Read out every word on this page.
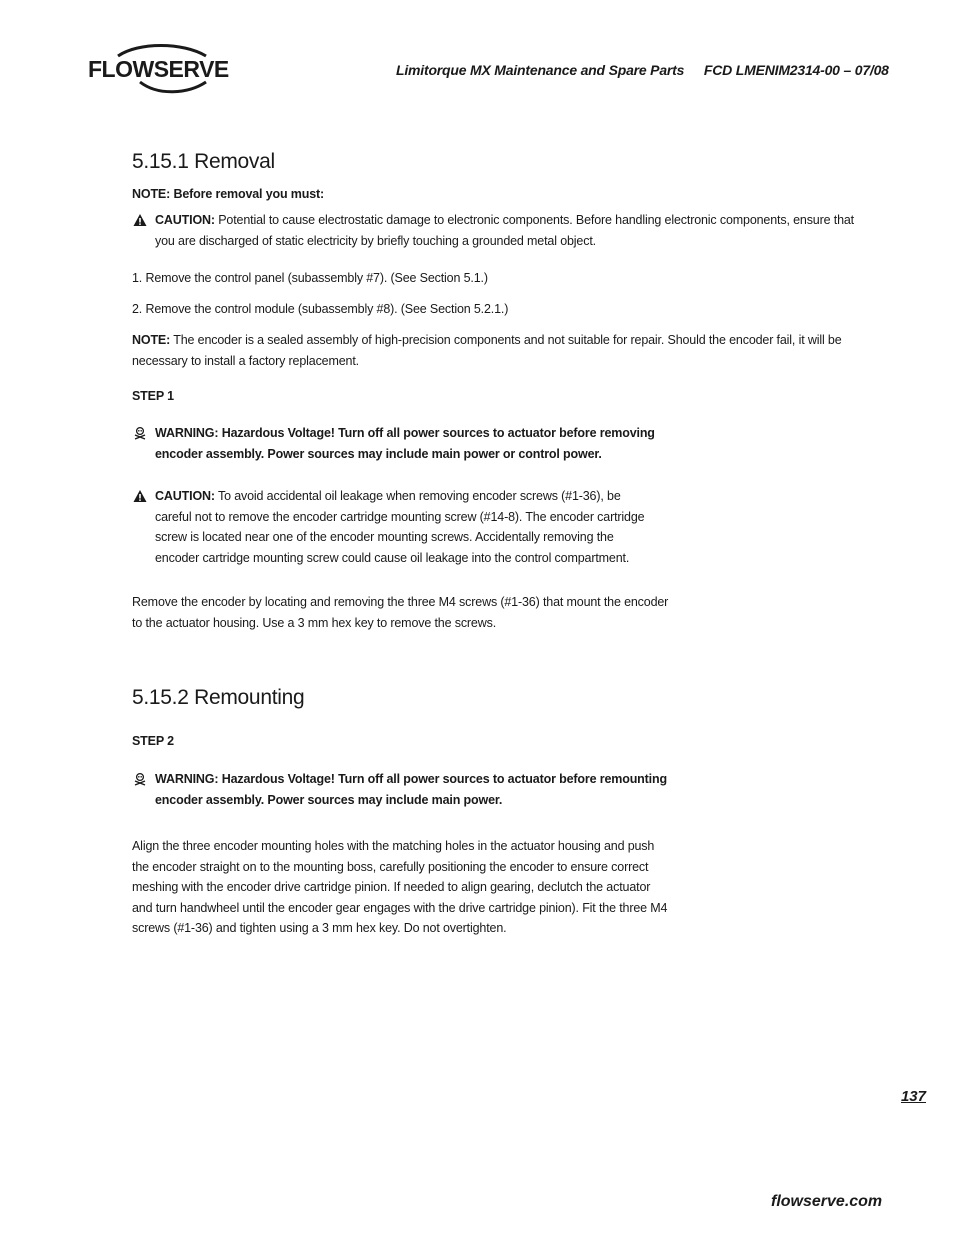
FLOWSERVE	Limitorque MX Maintenance and Spare Parts FCD LMENIM2314-00 – 07/08
5.15.1 Removal
NOTE: Before removal you must:
CAUTION: Potential to cause electrostatic damage to electronic components. Before handling electronic components, ensure that
you are discharged of static electricity by briefly touching a grounded metal object.
1. Remove the control panel (subassembly #7). (See Section 5.1.)
2. Remove the control module (subassembly #8). (See Section 5.2.1.)
NOTE: The encoder is a sealed assembly of high-precision components and not suitable for repair. Should the encoder fail, it will be
necessary to install a factory replacement.
STEP 1
WARNING: Hazardous Voltage! Turn off all power sources to actuator before removing
encoder assembly. Power sources may include main power or control power.
CAUTION: To avoid accidental oil leakage when removing encoder screws (#1-36), be
careful not to remove the encoder cartridge mounting screw (#14-8). The encoder cartridge
screw is located near one of the encoder mounting screws. Accidentally removing the
encoder cartridge mounting screw could cause oil leakage into the control compartment.
Remove the encoder by locating and removing the three M4 screws (#1-36) that mount the encoder
to the actuator housing. Use a 3 mm hex key to remove the screws.
5.15.2 Remounting
STEP 2
WARNING: Hazardous Voltage! Turn off all power sources to actuator before remounting
encoder assembly. Power sources may include main power.
Align the three encoder mounting holes with the matching holes in the actuator housing and push
the encoder straight on to the mounting boss, carefully positioning the encoder to ensure correct
meshing with the encoder drive cartridge pinion. If needed to align gearing, declutch the actuator
and turn handwheel until the encoder gear engages with the drive cartridge pinion). Fit the three M4
screws (#1-36) and tighten using a 3 mm hex key. Do not overtighten.
137
flowserve.com
